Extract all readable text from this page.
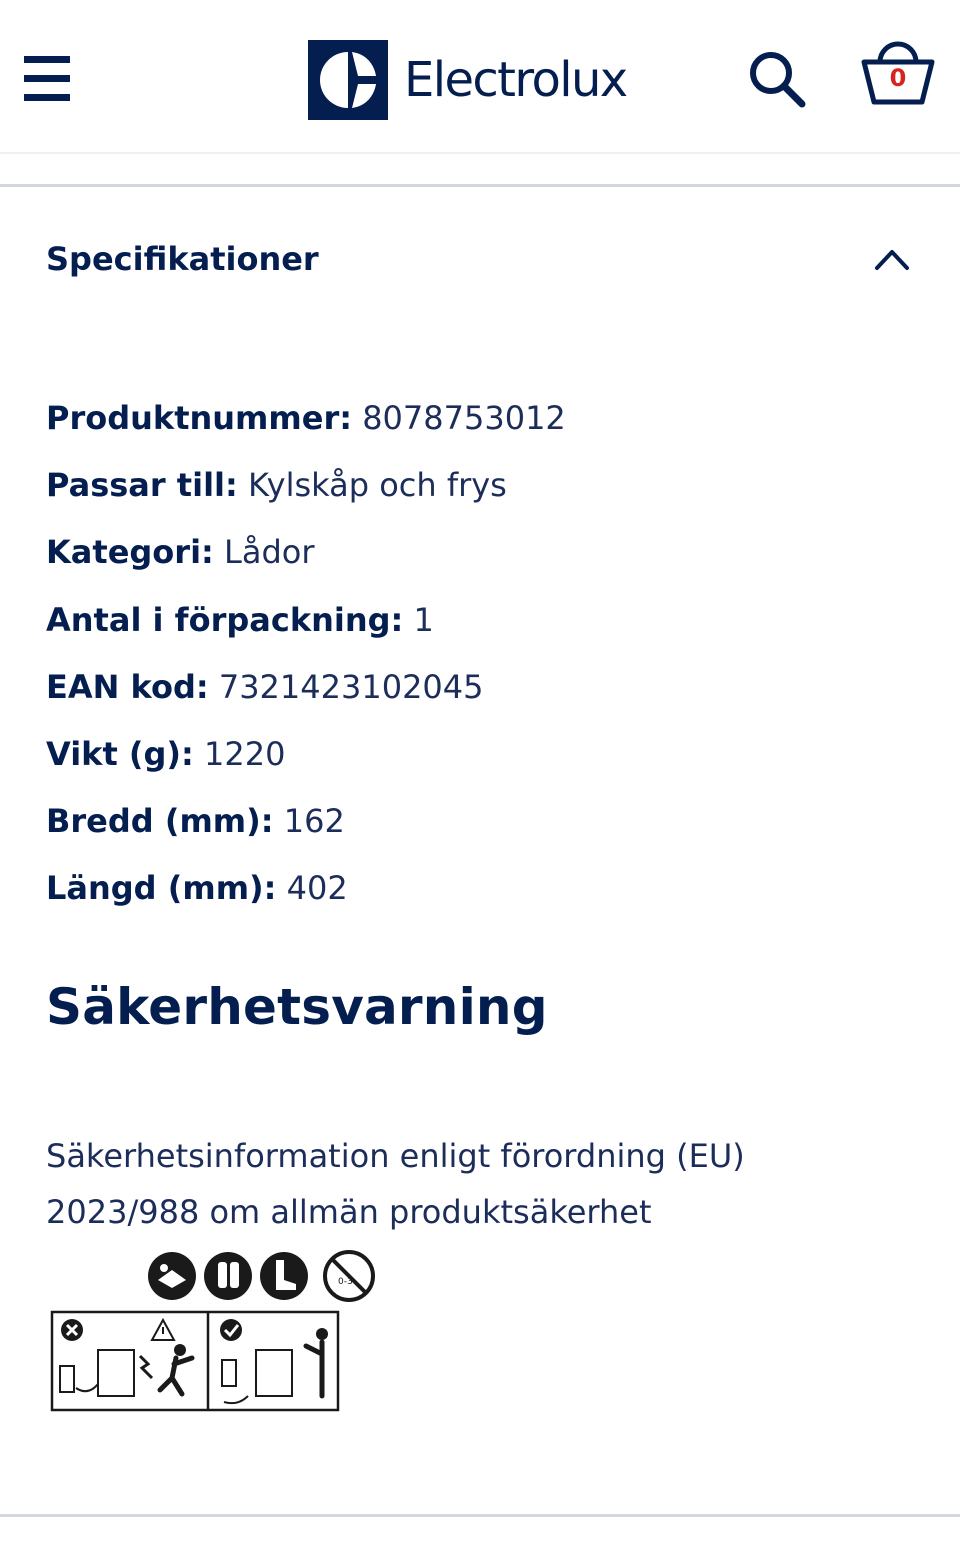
Electrolux	0
Specifikationer
Produktnummer: 8078753012
Passar till: Kylskåp och frys
Kategori: Lådor
Antal i förpackning: 1
EAN kod: 7321423102045
Vikt (g): 1220
Bredd (mm): 162
Längd (mm): 402
Säkerhetsvarning
Säkerhetsinformation enligt förordning (EU) 2023/988 om allmän produktsäkerhet
0-3
